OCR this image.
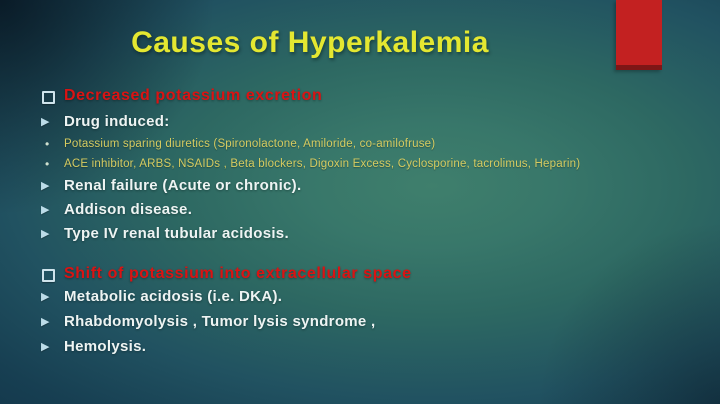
Causes of Hyperkalemia
Decreased potassium excretion
▶ Drug induced:
• Potassium sparing diuretics (Spironolactone, Amiloride, co-amilofruse)
• ACE inhibitor, ARBS, NSAIDs , Beta blockers, Digoxin Excess, Cyclosporine, tacrolimus, Heparin)
▶ Renal failure (Acute or chronic).
▶ Addison disease.
▶ Type IV renal tubular acidosis.
Shift of potassium into extracellular space
▶ Metabolic acidosis (i.e. DKA).
▶ Rhabdomyolysis , Tumor lysis syndrome ,
▶ Hemolysis.
